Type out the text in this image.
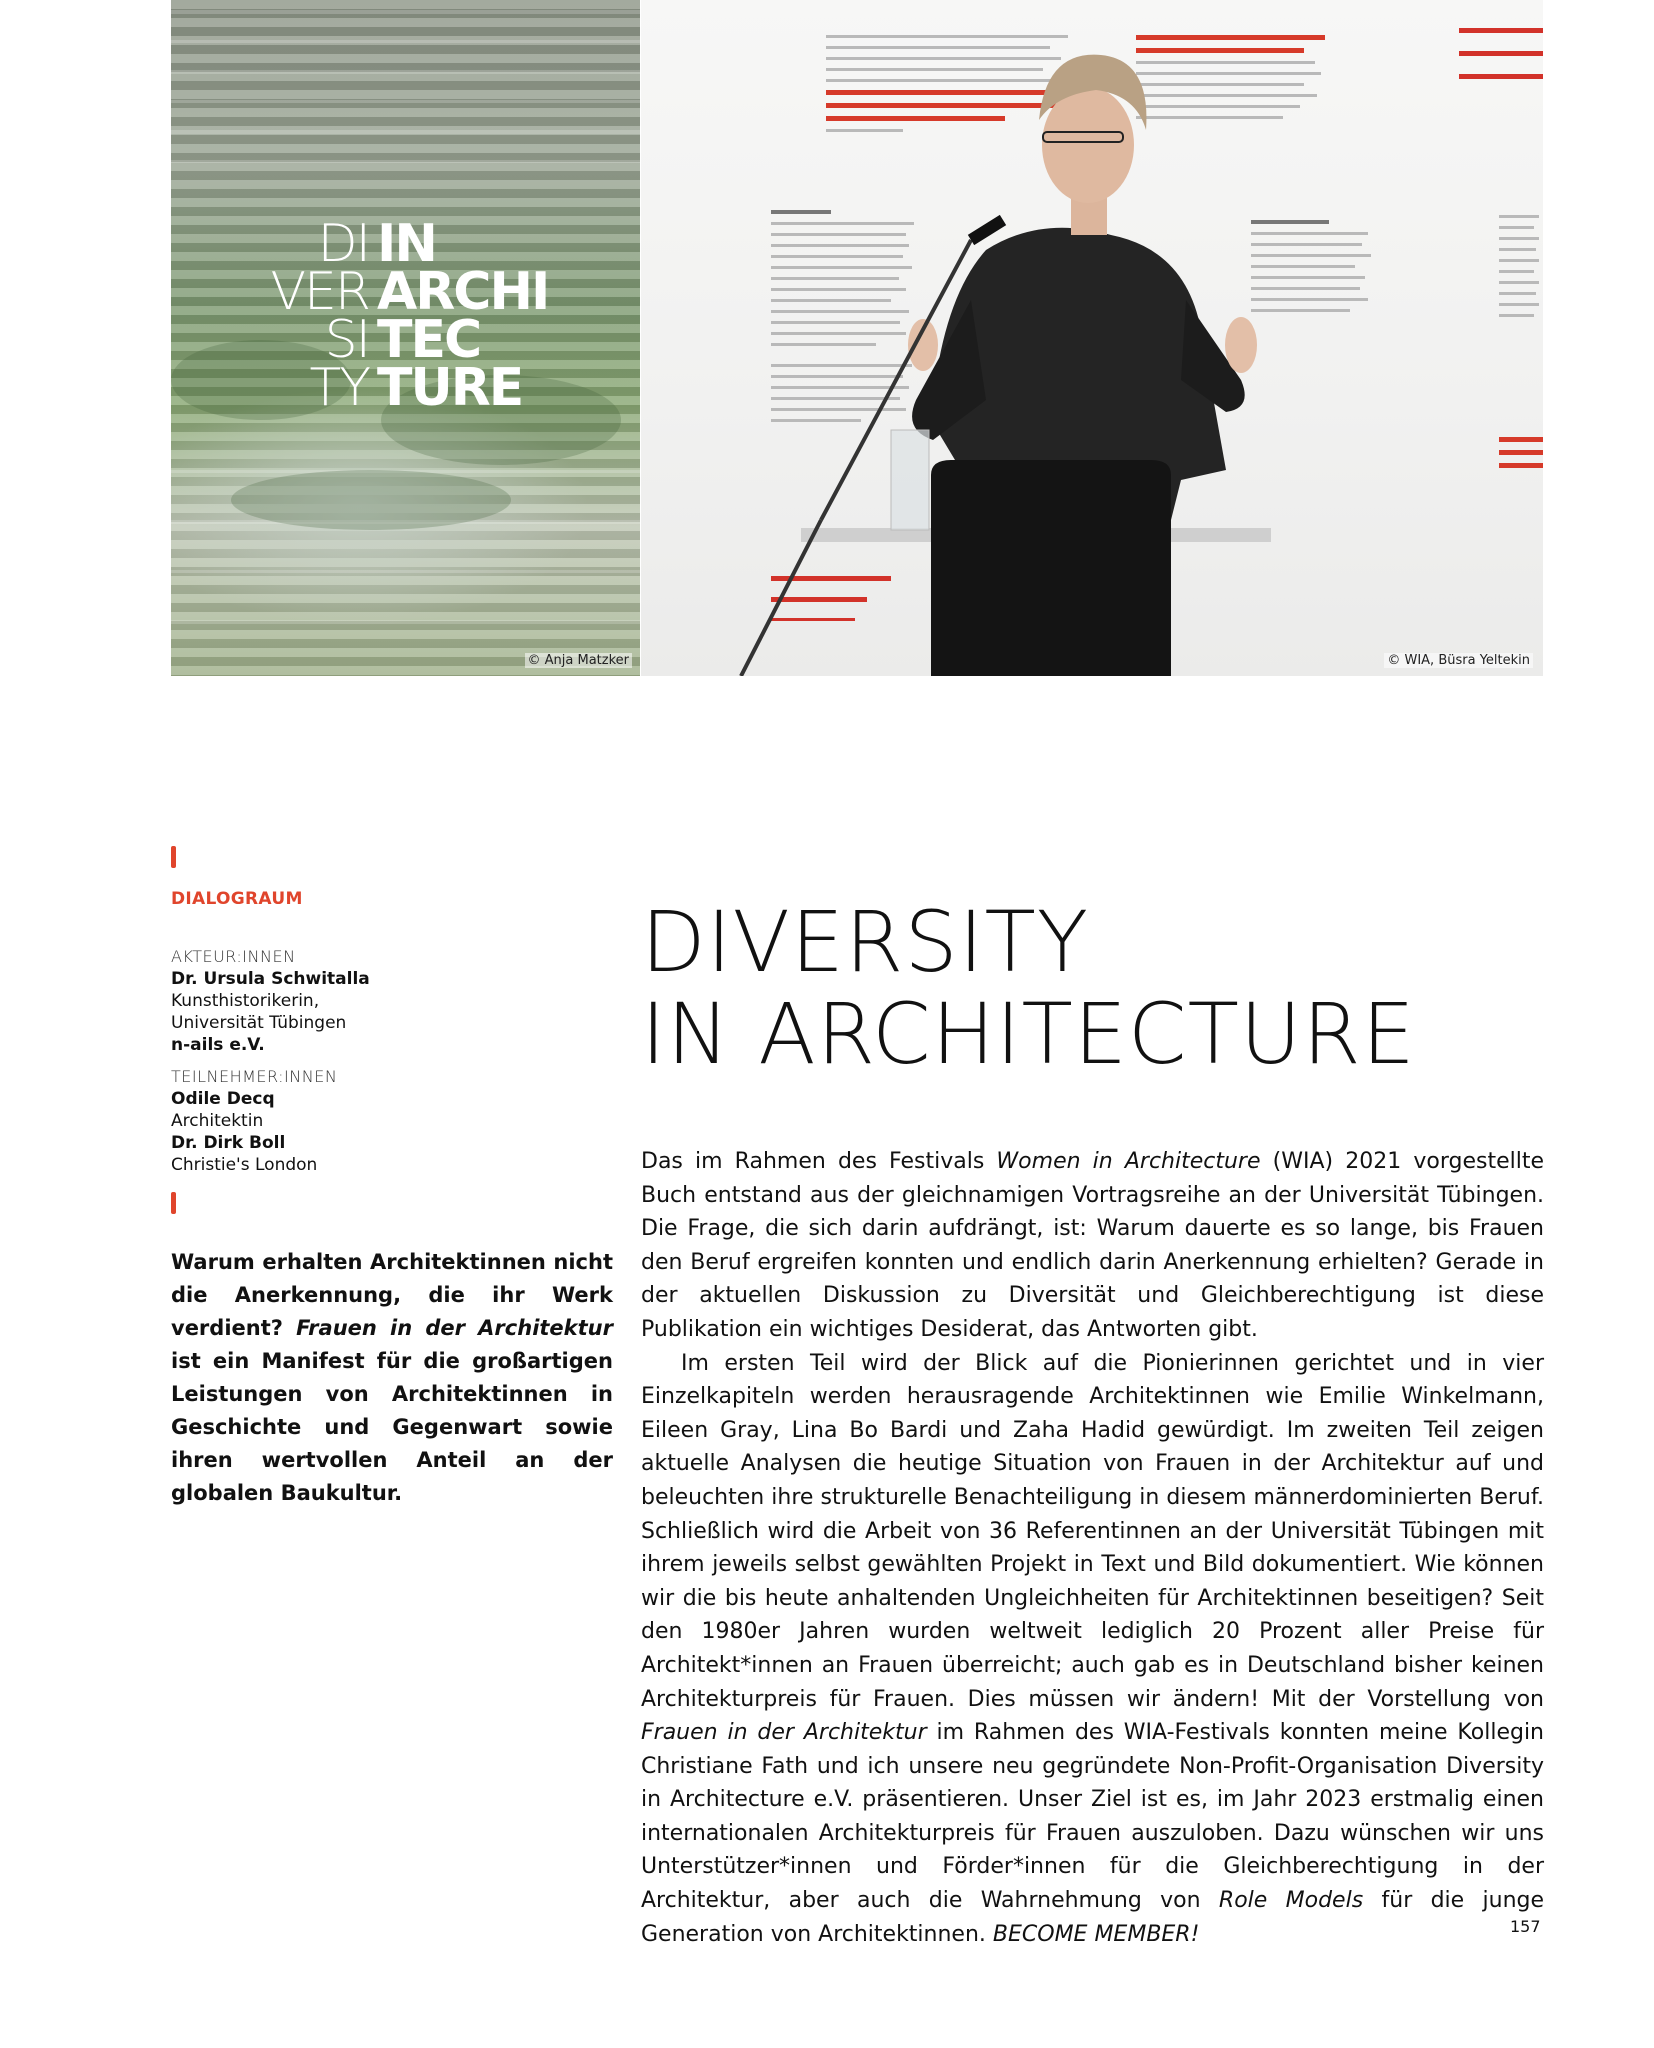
DI IN
VER ARCHI
SI TEC
TY TURE
© Anja Matzker	© WIA, Büsra Yeltekin
DIALOGRAUM
AKTEUR:INNEN
Dr. Ursula Schwitalla
Kunsthistorikerin,
Universität Tübingen
n-ails e.V.
TEILNEHMER:INNEN
Odile Decq
Architektin
Dr. Dirk Boll
Christie's London
Warum erhalten Architektinnen nicht die Anerkennung, die ihr Werk verdient? Frauen in der Architektur ist ein Manifest für die großartigen Leistungen von Architektinnen in Geschichte und Gegenwart sowie ihren wertvollen Anteil an der globalen Baukultur.
DIVERSITY
IN ARCHITECTURE

Das im Rahmen des Festivals Women in Architecture (WIA) 2021 vorgestellte Buch entstand aus der gleichnamigen Vortragsreihe an der Universität Tübingen. Die Frage, die sich darin aufdrängt, ist: Warum dauerte es so lange, bis Frauen den Beruf ergreifen konnten und endlich darin Anerkennung erhielten? Gerade in der aktuellen Diskussion zu Diversität und Gleichberechtigung ist diese Publikation ein wichtiges Desiderat, das Antworten gibt.

Im ersten Teil wird der Blick auf die Pionierinnen gerichtet und in vier Einzelkapiteln werden herausragende Architektinnen wie Emilie Winkelmann, Eileen Gray, Lina Bo Bardi und Zaha Hadid gewürdigt. Im zweiten Teil zeigen aktuelle Analysen die heutige Situation von Frauen in der Architektur auf und beleuchten ihre strukturelle Benachteiligung in diesem männerdominierten Beruf. Schließlich wird die Arbeit von 36 Referentinnen an der Universität Tübingen mit ihrem jeweils selbst gewählten Projekt in Text und Bild dokumentiert. Wie können wir die bis heute anhaltenden Ungleichheiten für Architektinnen beseitigen? Seit den 1980er Jahren wurden weltweit lediglich 20 Prozent aller Preise für Architekt*innen an Frauen überreicht; auch gab es in Deutschland bisher keinen Architekturpreis für Frauen. Dies müssen wir ändern! Mit der Vorstellung von Frauen in der Architektur im Rahmen des WIA-Festivals konnten meine Kollegin Christiane Fath und ich unsere neu gegründete Non-Profit-Organisation Diversity in Architecture e.V. präsentieren. Unser Ziel ist es, im Jahr 2023 erstmalig einen internationalen Architekturpreis für Frauen auszuloben. Dazu wünschen wir uns Unterstützer*innen und Förder*innen für die Gleichberechtigung in der Architektur, aber auch die Wahrnehmung von Role Models für die junge Generation von Architektinnen. BECOME MEMBER!	157
